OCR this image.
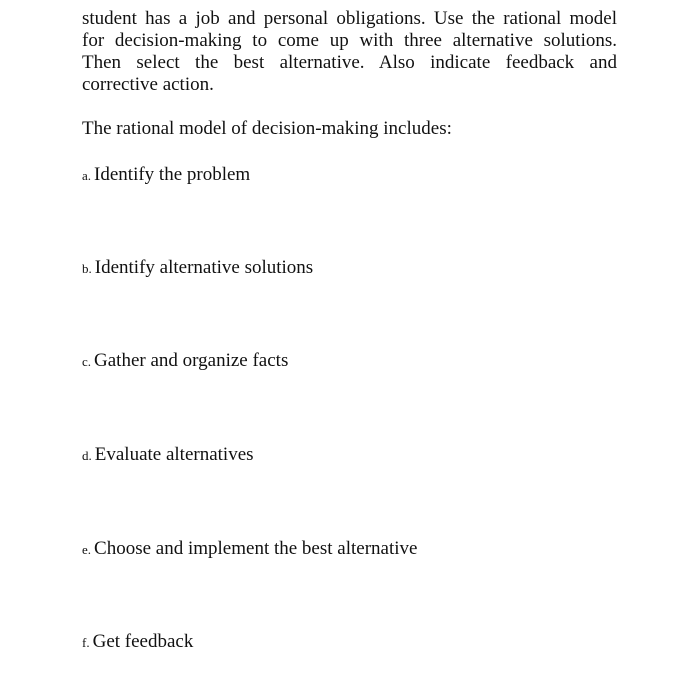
student has a job and personal obligations. Use the rational model
for decision-making to come up with three alternative solutions.
Then select the best alternative. Also indicate feedback and
corrective action.

The rational model of decision-making includes:

a. Identify the problem
b. Identify alternative solutions
c. Gather and organize facts
d. Evaluate alternatives
e. Choose and implement the best alternative
f. Get feedback
